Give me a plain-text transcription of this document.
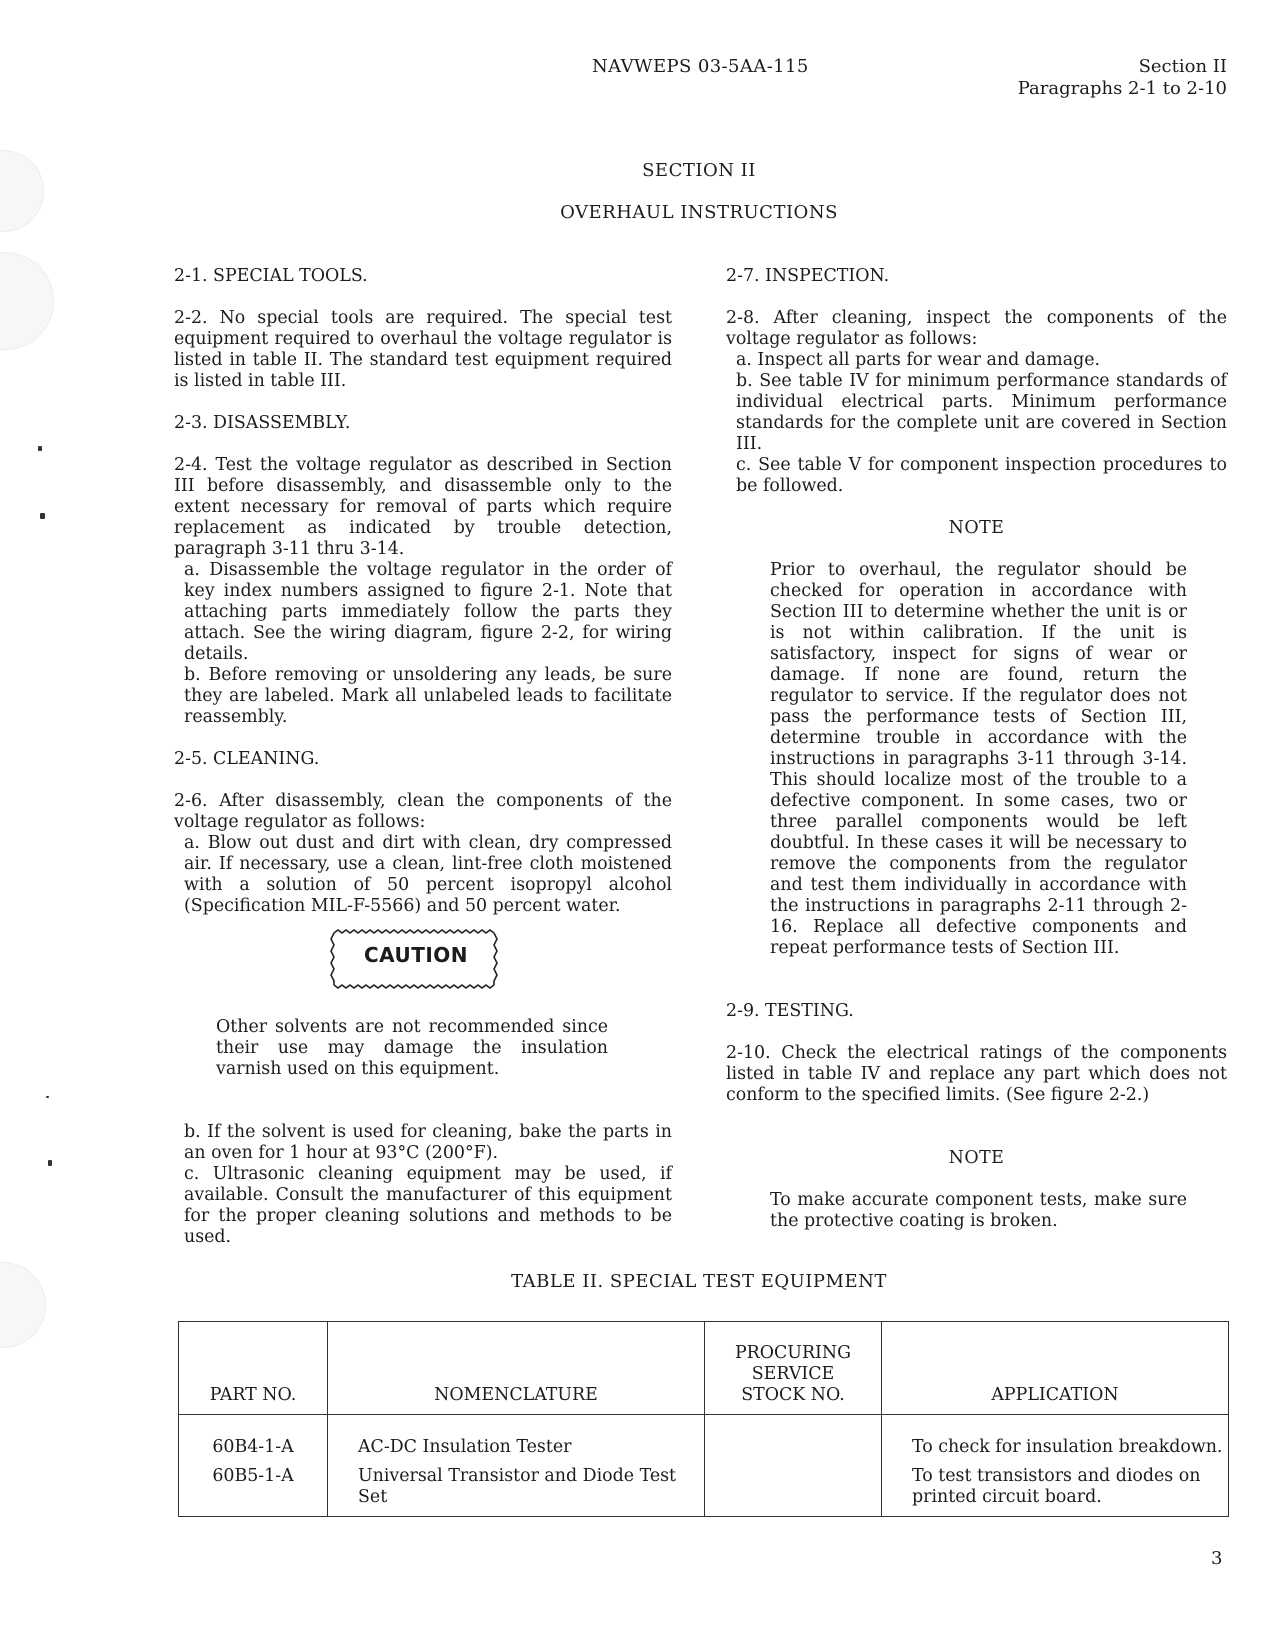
NAVWEPS 03-5AA-115	Section II
Paragraphs 2-1 to 2-10
SECTION II
OVERHAUL INSTRUCTIONS

2-1. SPECIAL TOOLS.

2-2. No special tools are required. The special test equipment required to overhaul the voltage regulator is listed in table II. The standard test equipment required is listed in table III.

2-3. DISASSEMBLY.

2-4. Test the voltage regulator as described in Section III before disassembly, and disassemble only to the extent necessary for removal of parts which require replacement as indicated by trouble detection, paragraph 3-11 thru 3-14.

a. Disassemble the voltage regulator in the order of key index numbers assigned to figure 2-1. Note that attaching parts immediately follow the parts they attach. See the wiring diagram, figure 2-2, for wiring details.

b. Before removing or unsoldering any leads, be sure they are labeled. Mark all unlabeled leads to facilitate reassembly.

2-5. CLEANING.

2-6. After disassembly, clean the components of the voltage regulator as follows:

a. Blow out dust and dirt with clean, dry compressed air. If necessary, use a clean, lint-free cloth moistened with a solution of 50 percent isopropyl alcohol (Specification MIL-F-5566) and 50 percent water.

CAUTION

Other solvents are not recommended since their use may damage the insulation varnish used on this equipment.

b. If the solvent is used for cleaning, bake the parts in an oven for 1 hour at 93°C (200°F).

c. Ultrasonic cleaning equipment may be used, if available. Consult the manufacturer of this equipment for the proper cleaning solutions and methods to be used.

2-7. INSPECTION.

2-8. After cleaning, inspect the components of the voltage regulator as follows:

a. Inspect all parts for wear and damage.

b. See table IV for minimum performance standards of individual electrical parts. Minimum performance standards for the complete unit are covered in Section III.

c. See table V for component inspection procedures to be followed.

NOTE

Prior to overhaul, the regulator should be checked for operation in accordance with Section III to determine whether the unit is or is not within calibration. If the unit is satisfactory, inspect for signs of wear or damage. If none are found, return the regulator to service. If the regulator does not pass the performance tests of Section III, determine trouble in accordance with the instructions in paragraphs 3-11 through 3-14. This should localize most of the trouble to a defective component. In some cases, two or three parallel components would be left doubtful. In these cases it will be necessary to remove the components from the regulator and test them individually in accordance with the instructions in paragraphs 2-11 through 2-16. Replace all defective components and repeat performance tests of Section III.

2-9. TESTING.

2-10. Check the electrical ratings of the components listed in table IV and replace any part which does not conform to the specified limits. (See figure 2-2.)

NOTE

To make accurate component tests, make sure the protective coating is broken.

TABLE II. SPECIAL TEST EQUIPMENT
PART NO.	NOMENCLATURE	PROCURING
SERVICE
STOCK NO.	APPLICATION
60B4-1-A	AC-DC Insulation Tester		To check for insulation breakdown.
60B5-1-A	Universal Transistor and Diode Test Set		To test transistors and diodes on printed circuit board.
3
